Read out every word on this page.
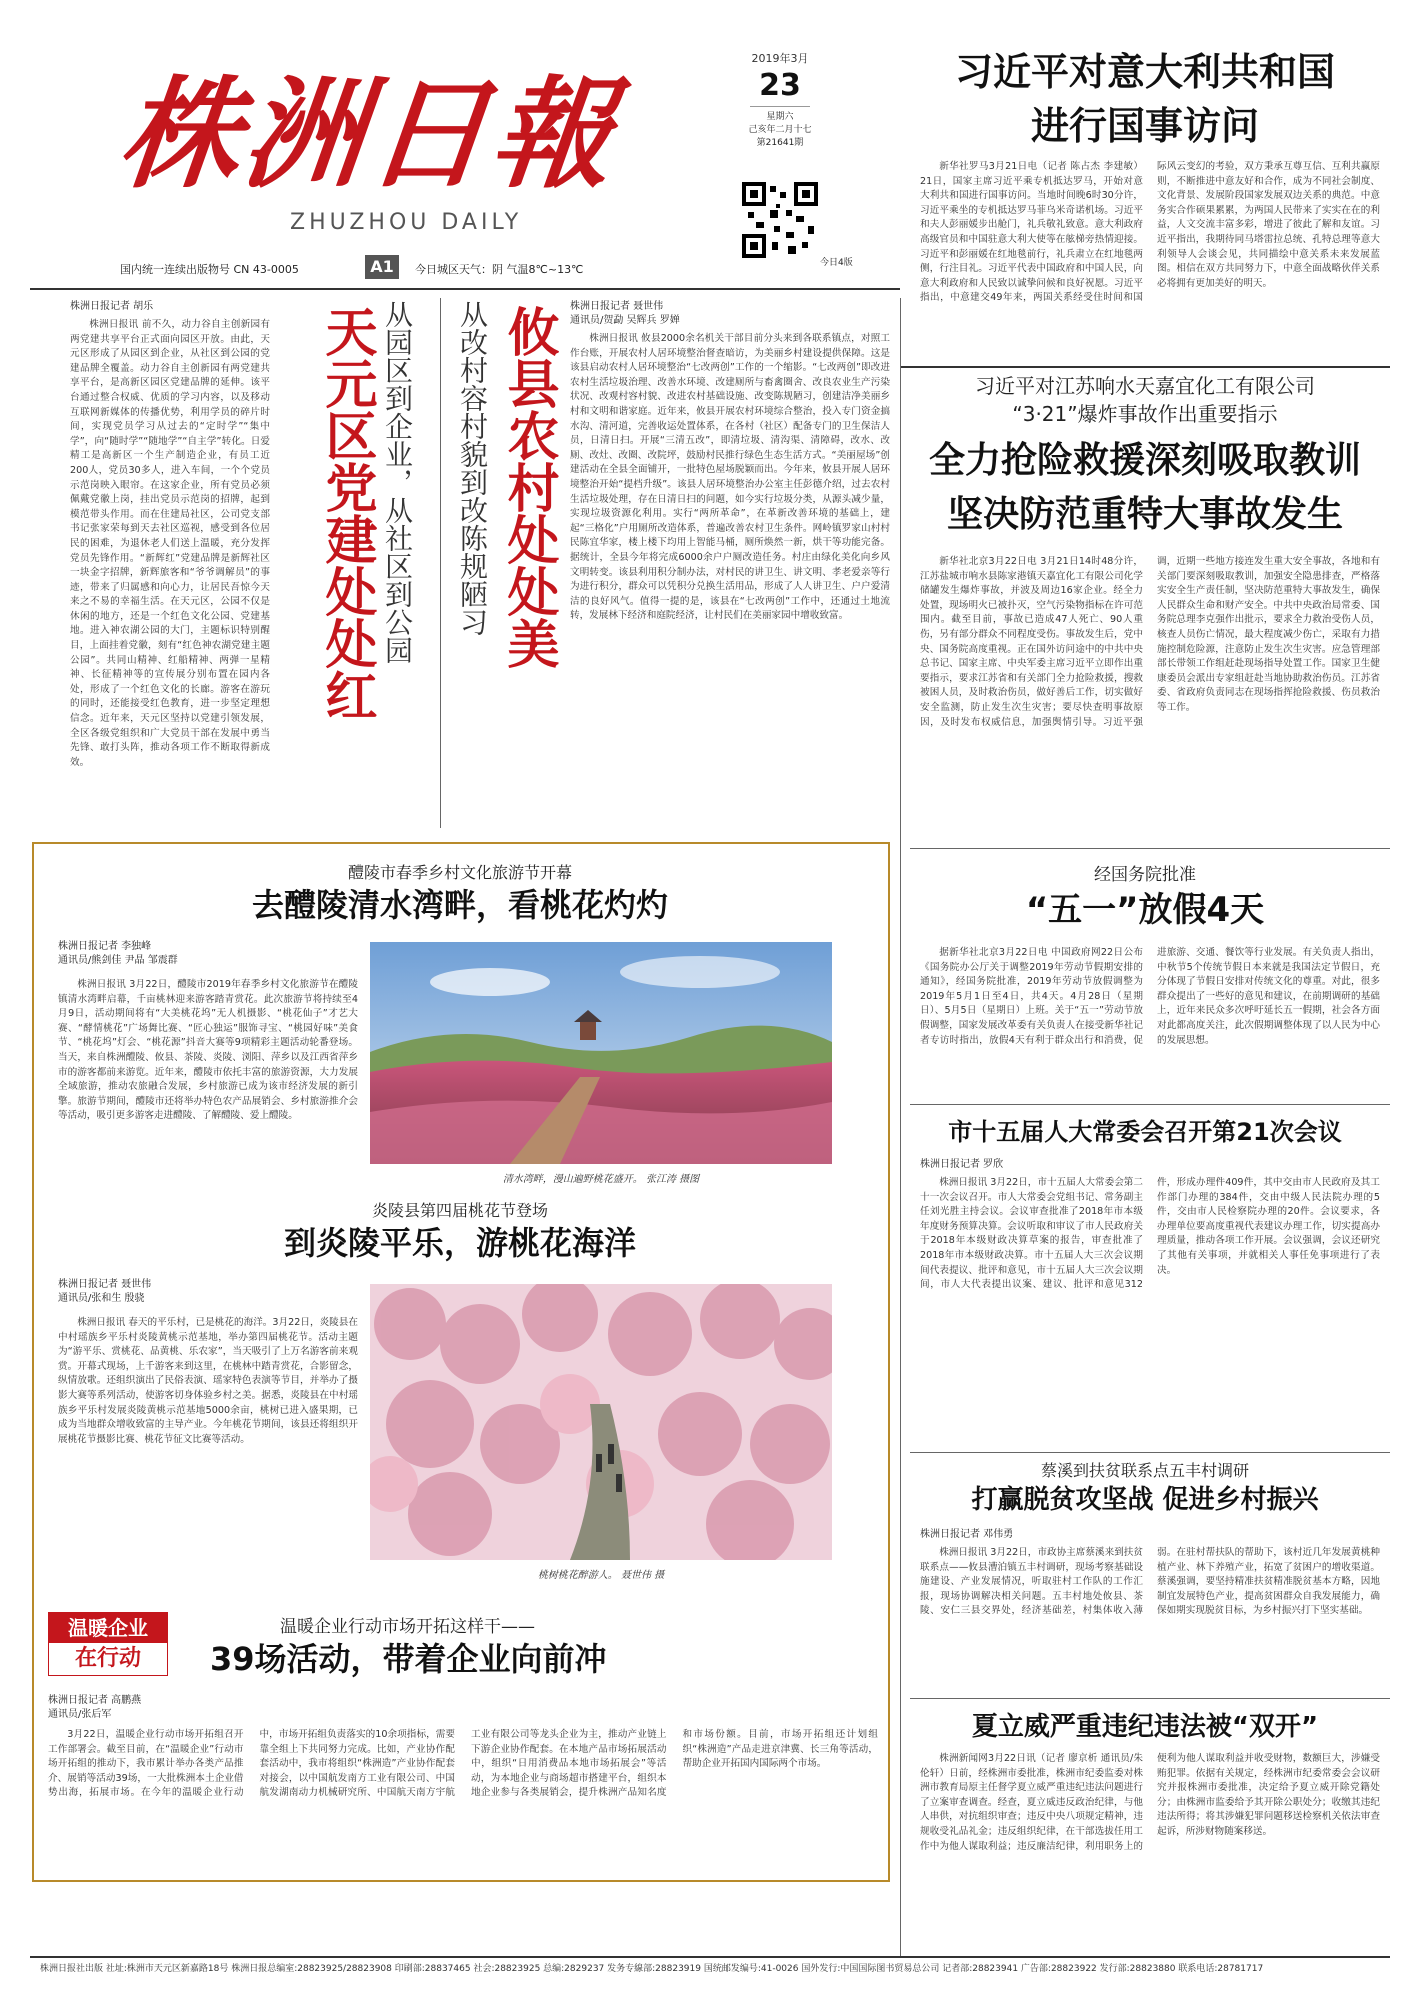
株洲日報
ZHUZHOU DAILY
2019年3月
23
星期六
己亥年二月十七
第21641期
今日4版
国内统一连续出版物号 CN 43-0005	A1	今日城区天气：阴 气温8℃~13℃
习近平对意大利共和国
进行国事访问

新华社罗马3月21日电（记者 陈占杰 李建敏）21日，国家主席习近平乘专机抵达罗马，开始对意大利共和国进行国事访问。当地时间晚6时30分许，习近平乘坐的专机抵达罗马菲乌米奇诺机场。习近平和夫人彭丽媛步出舱门，礼兵敬礼致意。意大利政府高级官员和中国驻意大利大使等在舷梯旁热情迎接。习近平和彭丽媛在红地毯前行，礼兵肃立在红地毯两侧，行注目礼。习近平代表中国政府和中国人民，向意大利政府和人民致以诚挚问候和良好祝愿。习近平指出，中意建交49年来，两国关系经受住时间和国际风云变幻的考验，双方秉承互尊互信、互利共赢原则，不断推进中意友好和合作，成为不同社会制度、文化背景、发展阶段国家发展双边关系的典范。中意务实合作硕果累累，为两国人民带来了实实在在的利益，人文交流丰富多彩，增进了彼此了解和友谊。习近平指出，我期待同马塔雷拉总统、孔特总理等意大利领导人会谈会见，共同描绘中意关系未来发展蓝图。相信在双方共同努力下，中意全面战略伙伴关系必将拥有更加美好的明天。

习近平对江苏响水天嘉宜化工有限公司
“3·21”爆炸事故作出重要指示
全力抢险救援深刻吸取教训
坚决防范重特大事故发生

新华社北京3月22日电 3月21日14时48分许，江苏盐城市响水县陈家港镇天嘉宜化工有限公司化学储罐发生爆炸事故，并波及周边16家企业。经全力处置，现场明火已被扑灭，空气污染物指标在许可范围内。截至目前，事故已造成47人死亡、90人重伤，另有部分群众不同程度受伤。事故发生后，党中央、国务院高度重视。正在国外访问途中的中共中央总书记、国家主席、中央军委主席习近平立即作出重要指示，要求江苏省和有关部门全力抢险救援，搜救被困人员，及时救治伤员，做好善后工作，切实做好安全监测，防止发生次生灾害；要尽快查明事故原因，及时发布权威信息，加强舆情引导。习近平强调，近期一些地方接连发生重大安全事故，各地和有关部门要深刻吸取教训，加强安全隐患排查，严格落实安全生产责任制，坚决防范重特大事故发生，确保人民群众生命和财产安全。中共中央政治局常委、国务院总理李克强作出批示，要求全力救治受伤人员，核查人员伤亡情况，最大程度减少伤亡，采取有力措施控制危险源，注意防止发生次生灾害。应急管理部部长带领工作组赶赴现场指导处置工作。国家卫生健康委员会派出专家组赶赴当地协助救治伤员。江苏省委、省政府负责同志在现场指挥抢险救援、伤员救治等工作。

株洲日报记者 胡乐

株洲日报讯 前不久，动力谷自主创新园有两党建共享平台正式面向园区开放。由此，天元区形成了从园区到企业，从社区到公园的党建品牌全覆盖。动力谷自主创新园有两党建共享平台，是高新区园区党建品牌的延伸。该平台通过整合权威、优质的学习内容，以及移动互联网新媒体的传播优势，利用学员的碎片时间，实现党员学习从过去的“定时学”“集中学”，向“随时学”“随地学”“自主学”转化。日爱精工是高新区一个生产制造企业，有员工近200人，党员30多人，进入车间，一个个党员示范岗映入眼帘。在这家企业，所有党员必须佩戴党徽上岗，挂出党员示范岗的招牌，起到模范带头作用。而在住建局社区，公司党支部书记张家荣每到天去社区巡视，感受到各位居民的困难，为退休老人们送上温暖，充分发挥党员先锋作用。“新辉红”党建品牌是新辉社区一块金字招牌，新辉旅客和“爷爷调解员”的事迹，带来了归属感和向心力，让居民吾惊今天来之不易的幸福生活。在天元区，公园不仅是休闲的地方，还是一个红色文化公园、党建基地。进入神农湖公园的大门，主题标识特别醒目，上面挂着党徽，刻有“红色神农湖党建主题公园”。共同山精神、红船精神、两弹一星精神、长征精神等的宣传展分别布置在园内各处，形成了一个红色文化的长廊。游客在游玩的同时，还能接受红色教育，进一步坚定理想信念。近年来，天元区坚持以党建引领发展，全区各级党组织和广大党员干部在发展中勇当先锋、敢打头阵，推动各项工作不断取得新成效。

天元区党建处处红 从园区到企业，从社区到公园 攸县农村处处美
从改村容村貌到改陈规陋习	株洲日报记者 聂世伟
通讯员/贺勐 吴辉兵 罗婵

株洲日报讯 攸县2000余名机关干部目前分头来到各联系镇点，对照工作台账，开展农村人居环境整治督查暗访，为美丽乡村建设提供保障。这是该县启动农村人居环境整治“七改两创”工作的一个缩影。“七改两创”即改进农村生活垃圾治理、改善水环境、改建厕所与畜禽圈舍、改良农业生产污染状况、改观村容村貌、改进农村基础设施、改变陈规陋习，创建洁净美丽乡村和文明和谐家庭。近年来，攸县开展农村环境综合整治，投入专门资金搞水沟、清河道，完善收运处置体系，在各村（社区）配备专门的卫生保洁人员，日清日扫。开展“三清五改”，即清垃圾、清沟渠、清障碍，改水、改厕、改灶、改圈、改院坪，鼓励村民推行绿色生态生活方式。“美丽屋场”创建活动在全县全面铺开，一批特色屋场脱颖而出。今年来，攸县开展人居环境整治开始“提档升级”。该县人居环境整治办公室主任彭德介绍，过去农村生活垃圾处理，存在日清日扫的问题，如今实行垃圾分类，从源头减少量，实现垃圾资源化利用。实行“两所革命”，在革新改善环境的基础上，建起“三格化”户用厕所改造体系，普遍改善农村卫生条件。网岭镇罗家山村村民陈宜华家，楼上楼下均用上智能马桶，厕所焕然一新，烘干等功能完备。据统计，全县今年将完成6000余户户厕改造任务。村庄由绿化美化向乡风文明转变。该县利用积分制办法，对村民的讲卫生、讲文明、孝老爱亲等行为进行积分，群众可以凭积分兑换生活用品，形成了人人讲卫生、户户爱清洁的良好风气。值得一提的是，该县在“七改两创”工作中，还通过土地流转，发展林下经济和庭院经济，让村民们在美丽家园中增收致富。

醴陵市春季乡村文化旅游节开幕
去醴陵清水湾畔，看桃花灼灼
株洲日报记者 李独峰
通讯员/熊剑佳 尹晶 邹震群

株洲日报讯 3月22日，醴陵市2019年春季乡村文化旅游节在醴陵镇清水湾畔启幕，千亩桃林迎来游客踏青赏花。此次旅游节将持续至4月9日，活动期间将有“大美桃花坞”无人机摄影、“桃花仙子”才艺大赛、“酵情桃花”广场舞比赛、“匠心独运”服饰寻宝、“桃园好味”美食节、“桃花坞”灯会、“桃花源”抖音大赛等9项精彩主题活动轮番登场。当天，来自株洲醴陵、攸县、茶陵、炎陵、浏阳、萍乡以及江西省萍乡市的游客都前来游览。近年来，醴陵市依托丰富的旅游资源，大力发展全域旅游，推动农旅融合发展，乡村旅游已成为该市经济发展的新引擎。旅游节期间，醴陵市还将举办特色农产品展销会、乡村旅游推介会等活动，吸引更多游客走进醴陵、了解醴陵、爱上醴陵。

清水湾畔，漫山遍野桃花盛开。 张江涛 摄图
炎陵县第四届桃花节登场
到炎陵平乐，游桃花海洋
株洲日报记者 聂世伟
通讯员/张和生 殷骁

株洲日报讯 春天的平乐村，已是桃花的海洋。3月22日，炎陵县在中村瑶族乡平乐村炎陵黄桃示范基地，举办第四届桃花节。活动主题为“游平乐、赏桃花、品黄桃、乐农家”，当天吸引了上万名游客前来观赏。开幕式现场，上千游客来到这里，在桃林中踏青赏花，合影留念，纵情放歌。还组织演出了民俗表演、瑶家特色表演等节目，并举办了摄影大赛等系列活动，使游客切身体验乡村之美。据悉，炎陵县在中村瑶族乡平乐村发展炎陵黄桃示范基地5000余亩，桃树已进入盛果期，已成为当地群众增收致富的主导产业。今年桃花节期间，该县还将组织开展桃花节摄影比赛、桃花节征文比赛等活动。

桃树桃花醉游人。 聂世伟 摄
温暖企业
在行动
温暖企业行动市场开拓这样干——
39场活动，带着企业向前冲
株洲日报记者 高鹏燕
通讯员/张后军

3月22日，温暖企业行动市场开拓组召开工作部署会。截至目前，在“温暖企业”行动市场开拓组的推动下，我市累计举办各类产品推介、展销等活动39场，一大批株洲本土企业借势出海，拓展市场。在今年的温暖企业行动中，市场开拓组负责落实的10余项指标，需要靠全组上下共同努力完成。比如，产业协作配套活动中，我市将组织“株洲造”产业协作配套对接会，以中国航发南方工业有限公司、中国航发湖南动力机械研究所、中国航天南方宇航工业有限公司等龙头企业为主，推动产业链上下游企业协作配套。在本地产品市场拓展活动中，组织“日用消费品本地市场拓展会”等活动，为本地企业与商场超市搭建平台，组织本地企业参与各类展销会，提升株洲产品知名度和市场份额。目前，市场开拓组还计划组织“株洲造”产品走进京津冀、长三角等活动，帮助企业开拓国内国际两个市场。

经国务院批准
“五一”放假4天

据新华社北京3月22日电 中国政府网22日公布《国务院办公厅关于调整2019年劳动节假期安排的通知》，经国务院批准，2019年劳动节放假调整为2019年5月1日至4日，共4天。4月28日（星期日）、5月5日（星期日）上班。关于“五一”劳动节放假调整，国家发展改革委有关负责人在接受新华社记者专访时指出，放假4天有利于群众出行和消费，促进旅游、交通、餐饮等行业发展。有关负责人指出，中秋节5个传统节假日本来就是我国法定节假日，充分体现了节假日安排对传统文化的尊重。对此，很多群众提出了一些好的意见和建议，在前期调研的基础上，近年来民众多次呼吁延长五一假期，社会各方面对此都高度关注，此次假期调整体现了以人民为中心的发展思想。

市十五届人大常委会召开第21次会议
株洲日报记者 罗欣

株洲日报讯 3月22日，市十五届人大常委会第二十一次会议召开。市人大常委会党组书记、常务副主任刘光胜主持会议。会议审查批准了2018年市本级年度财务预算决算。会议听取和审议了市人民政府关于2018年本级财政决算草案的报告，审查批准了2018年市本级财政决算。市十五届人大三次会议期间代表提议、批评和意见，市十五届人大三次会议期间，市人大代表提出议案、建议、批评和意见312件，形成办理件409件，其中交由市人民政府及其工作部门办理的384件，交由中级人民法院办理的5件，交由市人民检察院办理的20件。会议要求，各办理单位要高度重视代表建议办理工作，切实提高办理质量，推动各项工作开展。会议强调，会议还研究了其他有关事项，并就相关人事任免事项进行了表决。

蔡溪到扶贫联系点五丰村调研
打赢脱贫攻坚战 促进乡村振兴
株洲日报记者 邓伟勇

株洲日报讯 3月22日，市政协主席蔡溪来到扶贫联系点——攸县漕泊镇五丰村调研，现场考察基础设施建设、产业发展情况，听取驻村工作队的工作汇报，现场协调解决相关问题。五丰村地处攸县、茶陵、安仁三县交界处，经济基础差，村集体收入薄弱。在驻村帮扶队的帮助下，该村近几年发展黄桃种植产业、林下养殖产业，拓宽了贫困户的增收渠道。蔡溪强调，要坚持精准扶贫精准脱贫基本方略，因地制宜发展特色产业，提高贫困群众自我发展能力，确保如期实现脱贫目标，为乡村振兴打下坚实基础。

夏立威严重违纪违法被“双开”

株洲新闻网3月22日讯（记者 廖京析 通讯员/朱伦轩）日前，经株洲市委批准，株洲市纪委监委对株洲市教育局原主任督学夏立威严重违纪违法问题进行了立案审查调查。经查，夏立威违反政治纪律，与他人串供，对抗组织审查；违反中央八项规定精神，违规收受礼品礼金；违反组织纪律，在干部选拔任用工作中为他人谋取利益；违反廉洁纪律，利用职务上的便利为他人谋取利益并收受财物，数额巨大，涉嫌受贿犯罪。依据有关规定，经株洲市纪委常委会会议研究并报株洲市委批准，决定给予夏立威开除党籍处分；由株洲市监委给予其开除公职处分；收缴其违纪违法所得；将其涉嫌犯罪问题移送检察机关依法审查起诉，所涉财物随案移送。

株洲日报社出版 社址:株洲市天元区新嘉路18号 株洲日报总编室:28823925/28823908 印刷部:28837465 社会:28823925 总编:2829237 发务专線部:28823919 国统邮发编号:41-0026 国外发行:中国国际图书贸易总公司 记者部:28823941 广告部:28823922 发行部:28823880 联系电话:28781717
